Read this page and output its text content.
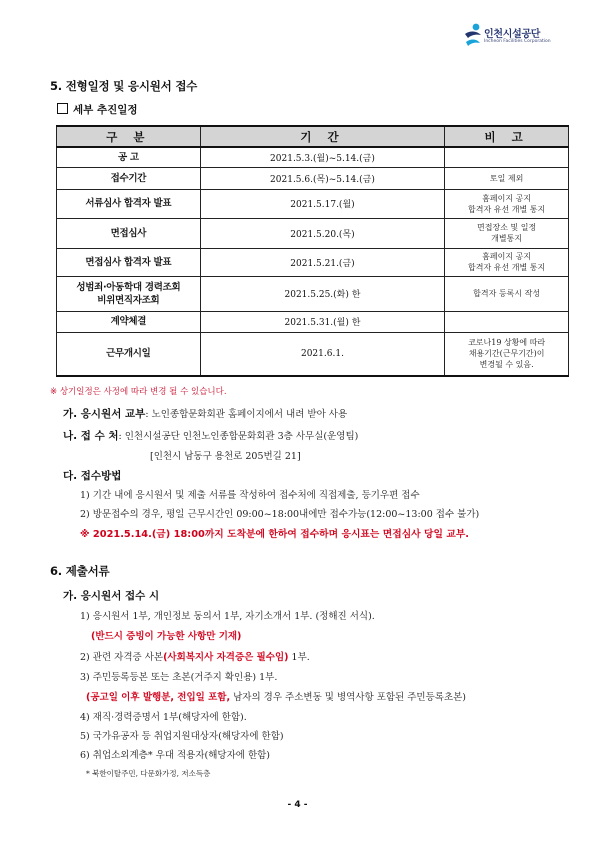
인천시설공단
Incheon Facilities Corporation
5. 전형일정 및 응시원서 접수
세부 추진일정
구 분	기 간	비 고
공 고	2021.5.3.(월)~5.14.(금)	
접수기간	2021.5.6.(목)~5.14.(금)	토일 제외
서류심사 합격자 발표	2021.5.17.(월)	홈페이지 공지
합격자 유선 개별 통지

면접심사	2021.5.20.(목)	면접장소 및 일정
개별통지

면접심사 합격자 발표	2021.5.21.(금)	홈페이지 공지
합격자 유선 개별 통지

성범죄·아동학대 경력조회
비위면직자조회	2021.5.25.(화) 한	합격자 등록시 작성
계약체결	2021.5.31.(월) 한	
근무개시일	2021.6.1.	코로나19 상황에 따라
채용기간(근무기간)이
변경될 수 있음.
※ 상기일정은 사정에 따라 변경 될 수 있습니다.
가. 응시원서 교부: 노인종합문화회관 홈페이지에서 내려 받아 사용
나. 접 수 처: 인천시설공단 인천노인종합문화회관 3층 사무실(운영팀)
[인천시 남동구 용천로 205번길 21]
다. 접수방법
1) 기간 내에 응시원서 및 제출 서류를 작성하여 접수처에 직접제출, 등기우편 접수
2) 방문접수의 경우, 평일 근무시간인 09:00~18:00내에만 접수가능(12:00~13:00 접수 불가)
※ 2021.5.14.(금) 18:00까지 도착분에 한하여 접수하며 응시표는 면접심사 당일 교부.
6. 제출서류
가. 응시원서 접수 시
1) 응시원서 1부, 개인정보 동의서 1부, 자기소개서 1부. (정해진 서식).
(반드시 증빙이 가능한 사항만 기재)
2) 관련 자격증 사본(사회복지사 자격증은 필수임) 1부.
3) 주민등록등본 또는 초본(거주지 확인용) 1부.
(공고일 이후 발행분, 전입일 포함, 남자의 경우 주소변동 및 병역사항 포함된 주민등록초본)
4) 재직·경력증명서 1부(해당자에 한함).
5) 국가유공자 등 취업지원대상자(해당자에 한함)
6) 취업소외계층* 우대 적용자(해당자에 한함)
* 북한이탈주민, 다문화가정, 저소득층
- 4 -
